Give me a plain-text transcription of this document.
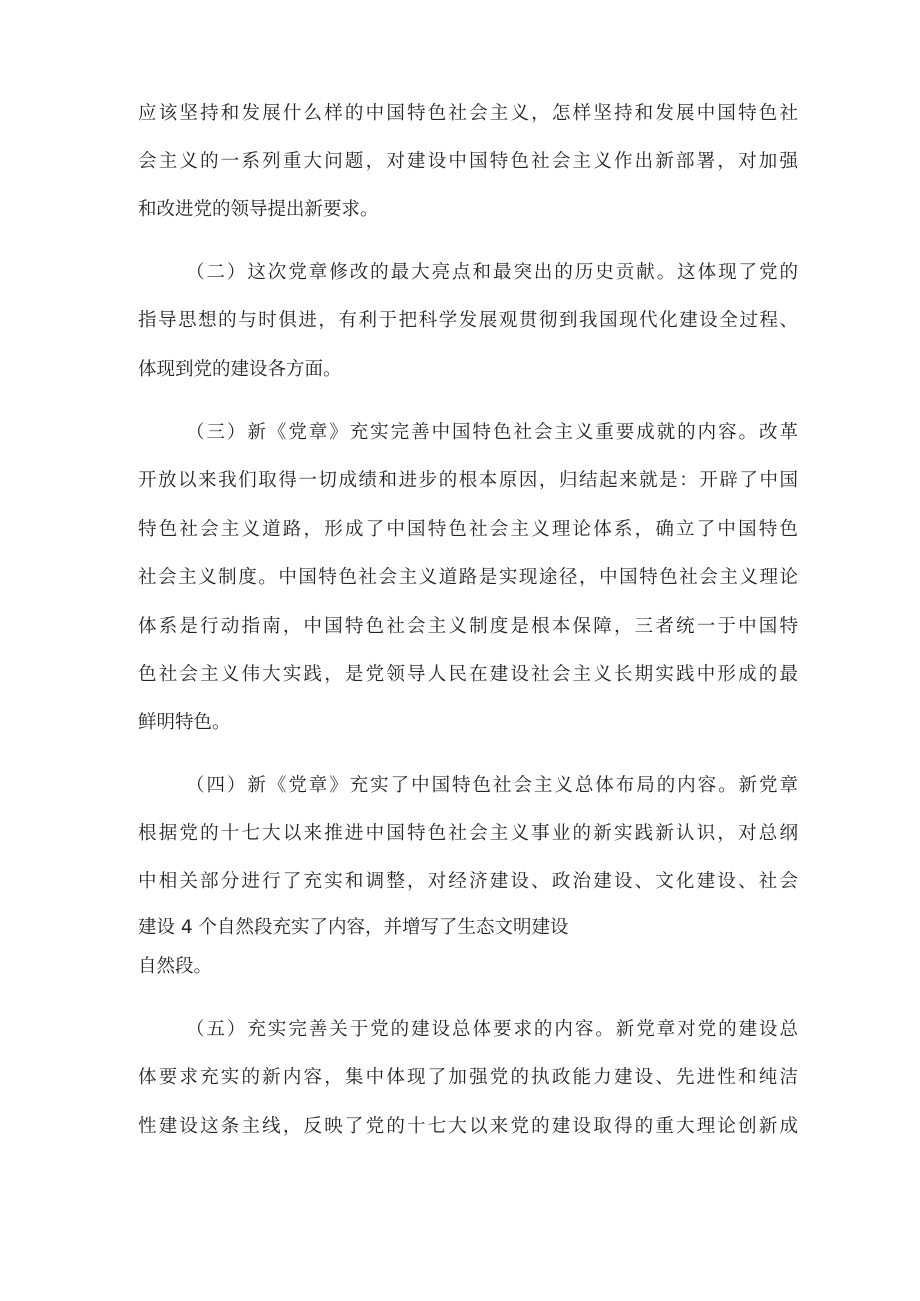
应该坚持和发展什么样的中国特色社会主义，怎样坚持和发展中国特色社
会主义的一系列重大问题，对建设中国特色社会主义作出新部署，对加强
和改进党的领导提出新要求。
（二）这次党章修改的最大亮点和最突出的历史贡献。这体现了党的
指导思想的与时俱进，有利于把科学发展观贯彻到我国现代化建设全过程、
体现到党的建设各方面。
（三）新《党章》充实完善中国特色社会主义重要成就的内容。改革
开放以来我们取得一切成绩和进步的根本原因，归结起来就是：开辟了中国
特色社会主义道路，形成了中国特色社会主义理论体系，确立了中国特色
社会主义制度。中国特色社会主义道路是实现途径，中国特色社会主义理论
体系是行动指南，中国特色社会主义制度是根本保障，三者统一于中国特
色社会主义伟大实践，是党领导人民在建设社会主义长期实践中形成的最
鲜明特色。
（四）新《党章》充实了中国特色社会主义总体布局的内容。新党章
根据党的十七大以来推进中国特色社会主义事业的新实践新认识，对总纲
中相关部分进行了充实和调整，对经济建设、政治建设、文化建设、社会
建设 4 个自然段充实了内容，并增写了生态文明建设
自然段。
（五）充实完善关于党的建设总体要求的内容。新党章对党的建设总
体要求充实的新内容，集中体现了加强党的执政能力建设、先进性和纯洁
性建设这条主线，反映了党的十七大以来党的建设取得的重大理论创新成
